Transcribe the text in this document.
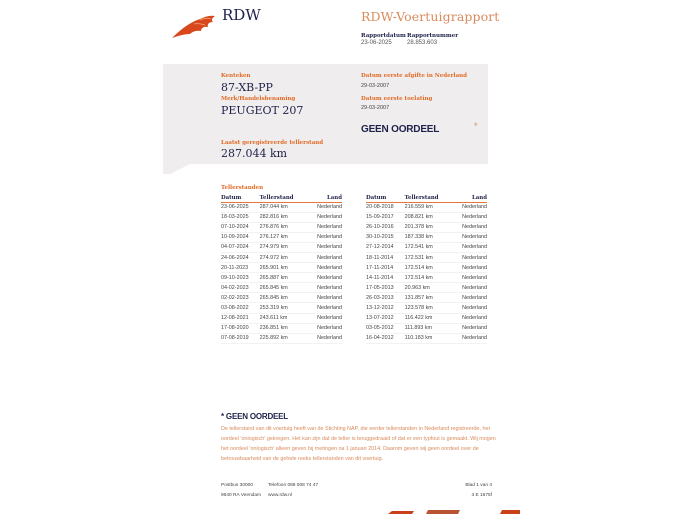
RDW	RDW-Voertuigrapport
Rapportdatum
23-06-2025
Rapportnummer
28.853.603
Kenteken
87-XB-PP
Merk/Handelsbenaming
PEUGEOT 207
Datum eerste afgifte in Nederland
29-03-2007
Datum eerste toelating
29-03-2007
GEEN OORDEEL	*
Laatst geregistreerde tellerstand
287.044 km
Tellerstanden
Datum	Tellerstand	Land
23-06-2025	287.044 km	Nederland
18-03-2025	282.816 km	Nederland
07-10-2024	276.876 km	Nederland
10-09-2024	276.127 km	Nederland
04-07-2024	274.979 km	Nederland
24-06-2024	274.972 km	Nederland
20-11-2023	265.901 km	Nederland
09-10-2023	265.887 km	Nederland
04-02-2023	265.845 km	Nederland
02-02-2023	265.845 km	Nederland
03-08-2022	253.319 km	Nederland
12-08-2021	243.611 km	Nederland
17-08-2020	236.851 km	Nederland
07-08-2019	225.892 km	Nederland
Datum	Tellerstand	Land
20-08-2018	216.559 km	Nederland
15-09-2017	208.821 km	Nederland
26-10-2016	201.378 km	Nederland
30-10-2015	187.338 km	Nederland
27-12-2014	172.541 km	Nederland
18-11-2014	172.531 km	Nederland
17-11-2014	172.514 km	Nederland
14-11-2014	172.514 km	Nederland
17-05-2013	20.963 km	Nederland
26-03-2013	131.857 km	Nederland
13-12-2012	123.578 km	Nederland
13-07-2012	116.422 km	Nederland
03-05-2012	111.893 km	Nederland
16-04-2012	110.183 km	Nederland
* GEEN OORDEEL
De tellerstand van dit voertuig heeft van de Stichting NAP, die eerder tellerstanden in Nederland registreerde, het oordeel 'onlogisch' gekregen. Het kan zijn dat de teller is teruggedraaid of dat er een typfout is gemaakt. Wij mogen het oordeel 'onlogisch' alleen geven bij metingen na 1 januari 2014. Daarom geven wij geen oordeel over de betrouwbaarheid van de gehele reeks tellerstanden van dit voertuig.
Postbus 30000
9640 RA Veendam
Telefoon 088 008 74 47
www.rdw.nl
Blad 1 van 4
3 E 1675f
